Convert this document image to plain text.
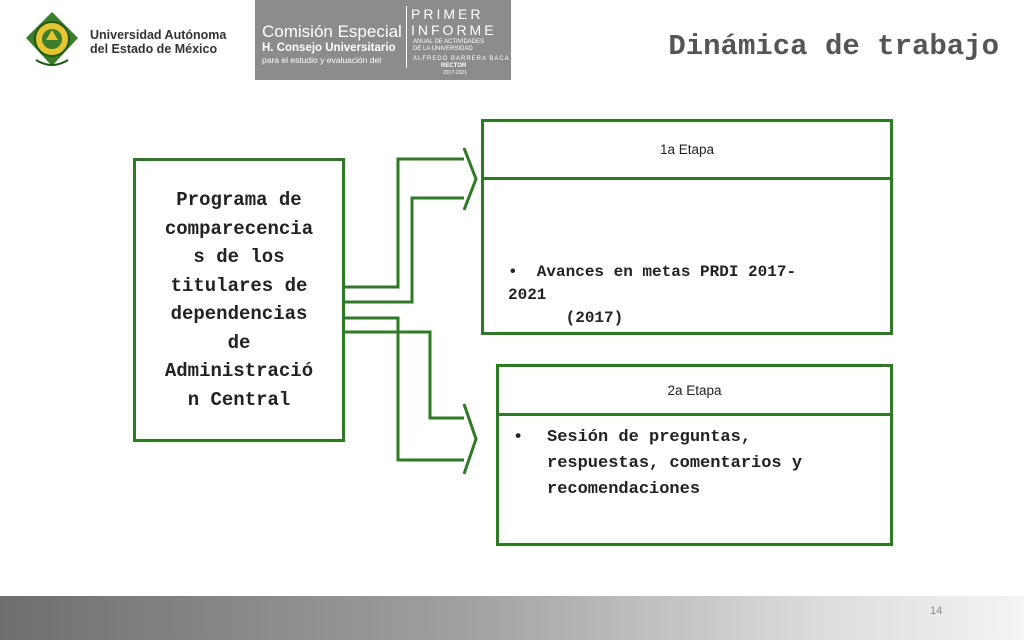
Universidad Autónoma
del Estado de México
Comisión Especial
H. Consejo Universitario
para el estudio y evaluación del
PRIMER
INFORME
ANUAL DE ACTIVIDADES
DE LA UNIVERSIDAD
ALFREDO BARRERA BACA
RECTOR
2017-2021
Dinámica de trabajo
Programa de
comparecencia
s de los
titulares de
dependencias
de
Administració
n Central
1a Etapa

•  Avances en metas PRDI 2017-
2021
(2017)

2a Etapa
•	Sesión de preguntas,
respuestas, comentarios y
recomendaciones
14
